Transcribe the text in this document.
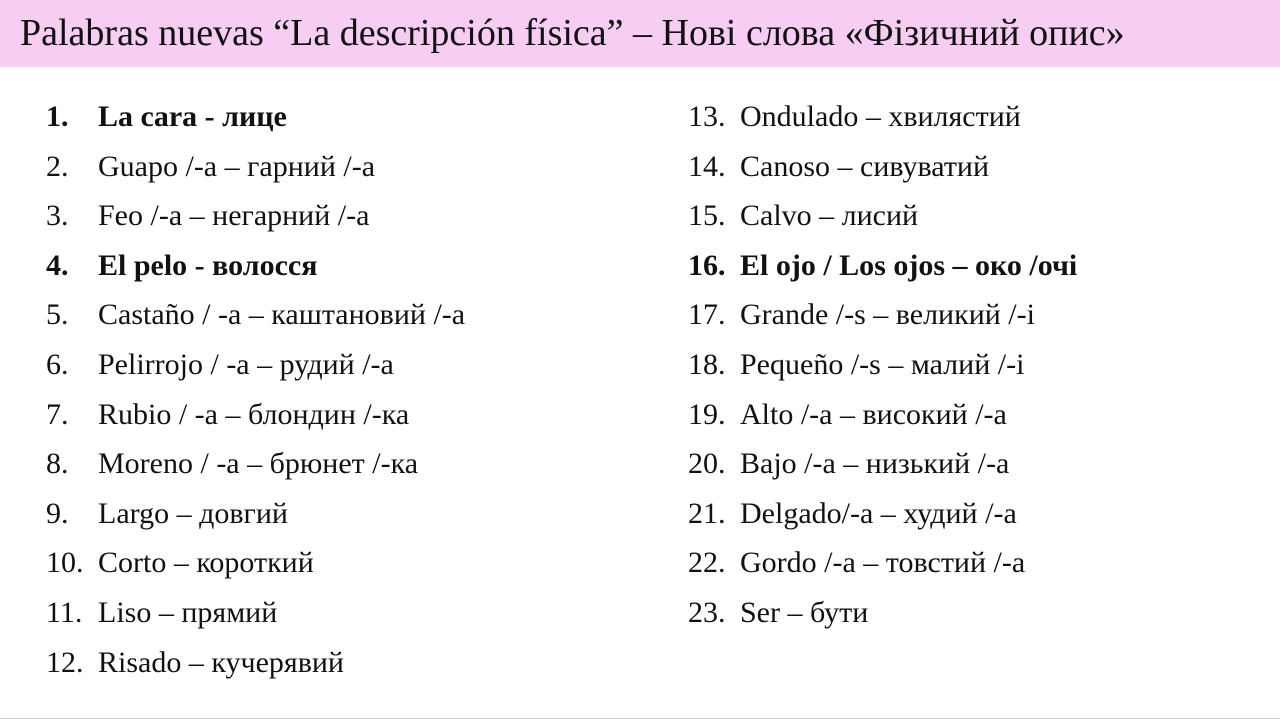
Palabras nuevas “La descripción física” – Нові слова «Фізичний опис»
1. La cara - лице
2. Guapo /-a – гарний /-а
3. Feo /-a – негарний /-а
4. El pelo - волосся
5. Castaño / -a – каштановий /-а
6. Pelirrojo / -a – рудий /-а
7. Rubio / -a – блондин /-ка
8. Moreno / -a – брюнет /-ка
9. Largo – довгий
10. Corto – короткий
11. Liso – прямий
12. Risado – кучерявий
13. Ondulado – хвилястий
14. Canoso – сивуватий
15. Calvo – лисий
16. El ojo / Los ojos – око /очі
17. Grande /-s – великий /-і
18. Pequeño /-s – малий /-і
19. Alto /-a – високий /-а
20. Bajo /-a – низький /-а
21. Delgado/-a – худий /-а
22. Gordo /-a – товстий /-а
23. Ser – бути
